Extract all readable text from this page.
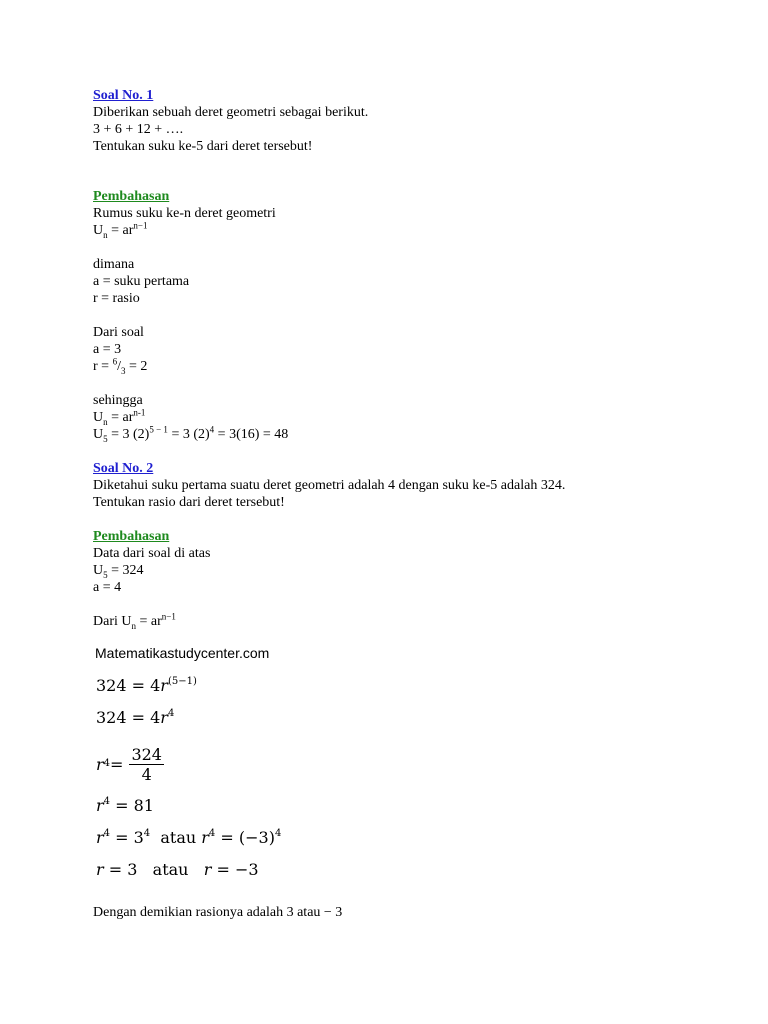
Soal No. 1

Diberikan sebuah deret geometri sebagai berikut.

3 + 6 + 12 + ….

Tentukan suku ke-5 dari deret tersebut!

Pembahasan

Rumus suku ke-n deret geometri

$U_n = ar^{n-1}$

dimana

a = suku pertama

r = rasio

Dari soal

a = 3

$r = ^6/_3 = 2$

sehingga

$U_n = ar^{n-1}$

$U_5 = 3$ $(2)^{5 - 1} = 3$ $(2)^4 = 3(16) = 48$

Soal No. 2

Diketahui suku pertama suatu deret geometri adalah 4 dengan suku ke-5 adalah 324.

Tentukan rasio dari deret tersebut!

Pembahasan

Data dari soal di atas

$U_5 = 324$

a = 4

Dari $U_n = ar^{n-1}$

Matematikastudycenter.com

$324 = 4r^{(5-1)}$
$324 = 4r^4$
r $4 = \frac{324}{4}$
$r^4 = 81$
$r^4 = 3^4$  atau $r^4 = (-3)^4$
r = 3   atau   r = −3

Dengan demikian rasionya adalah 3 atau − 3
